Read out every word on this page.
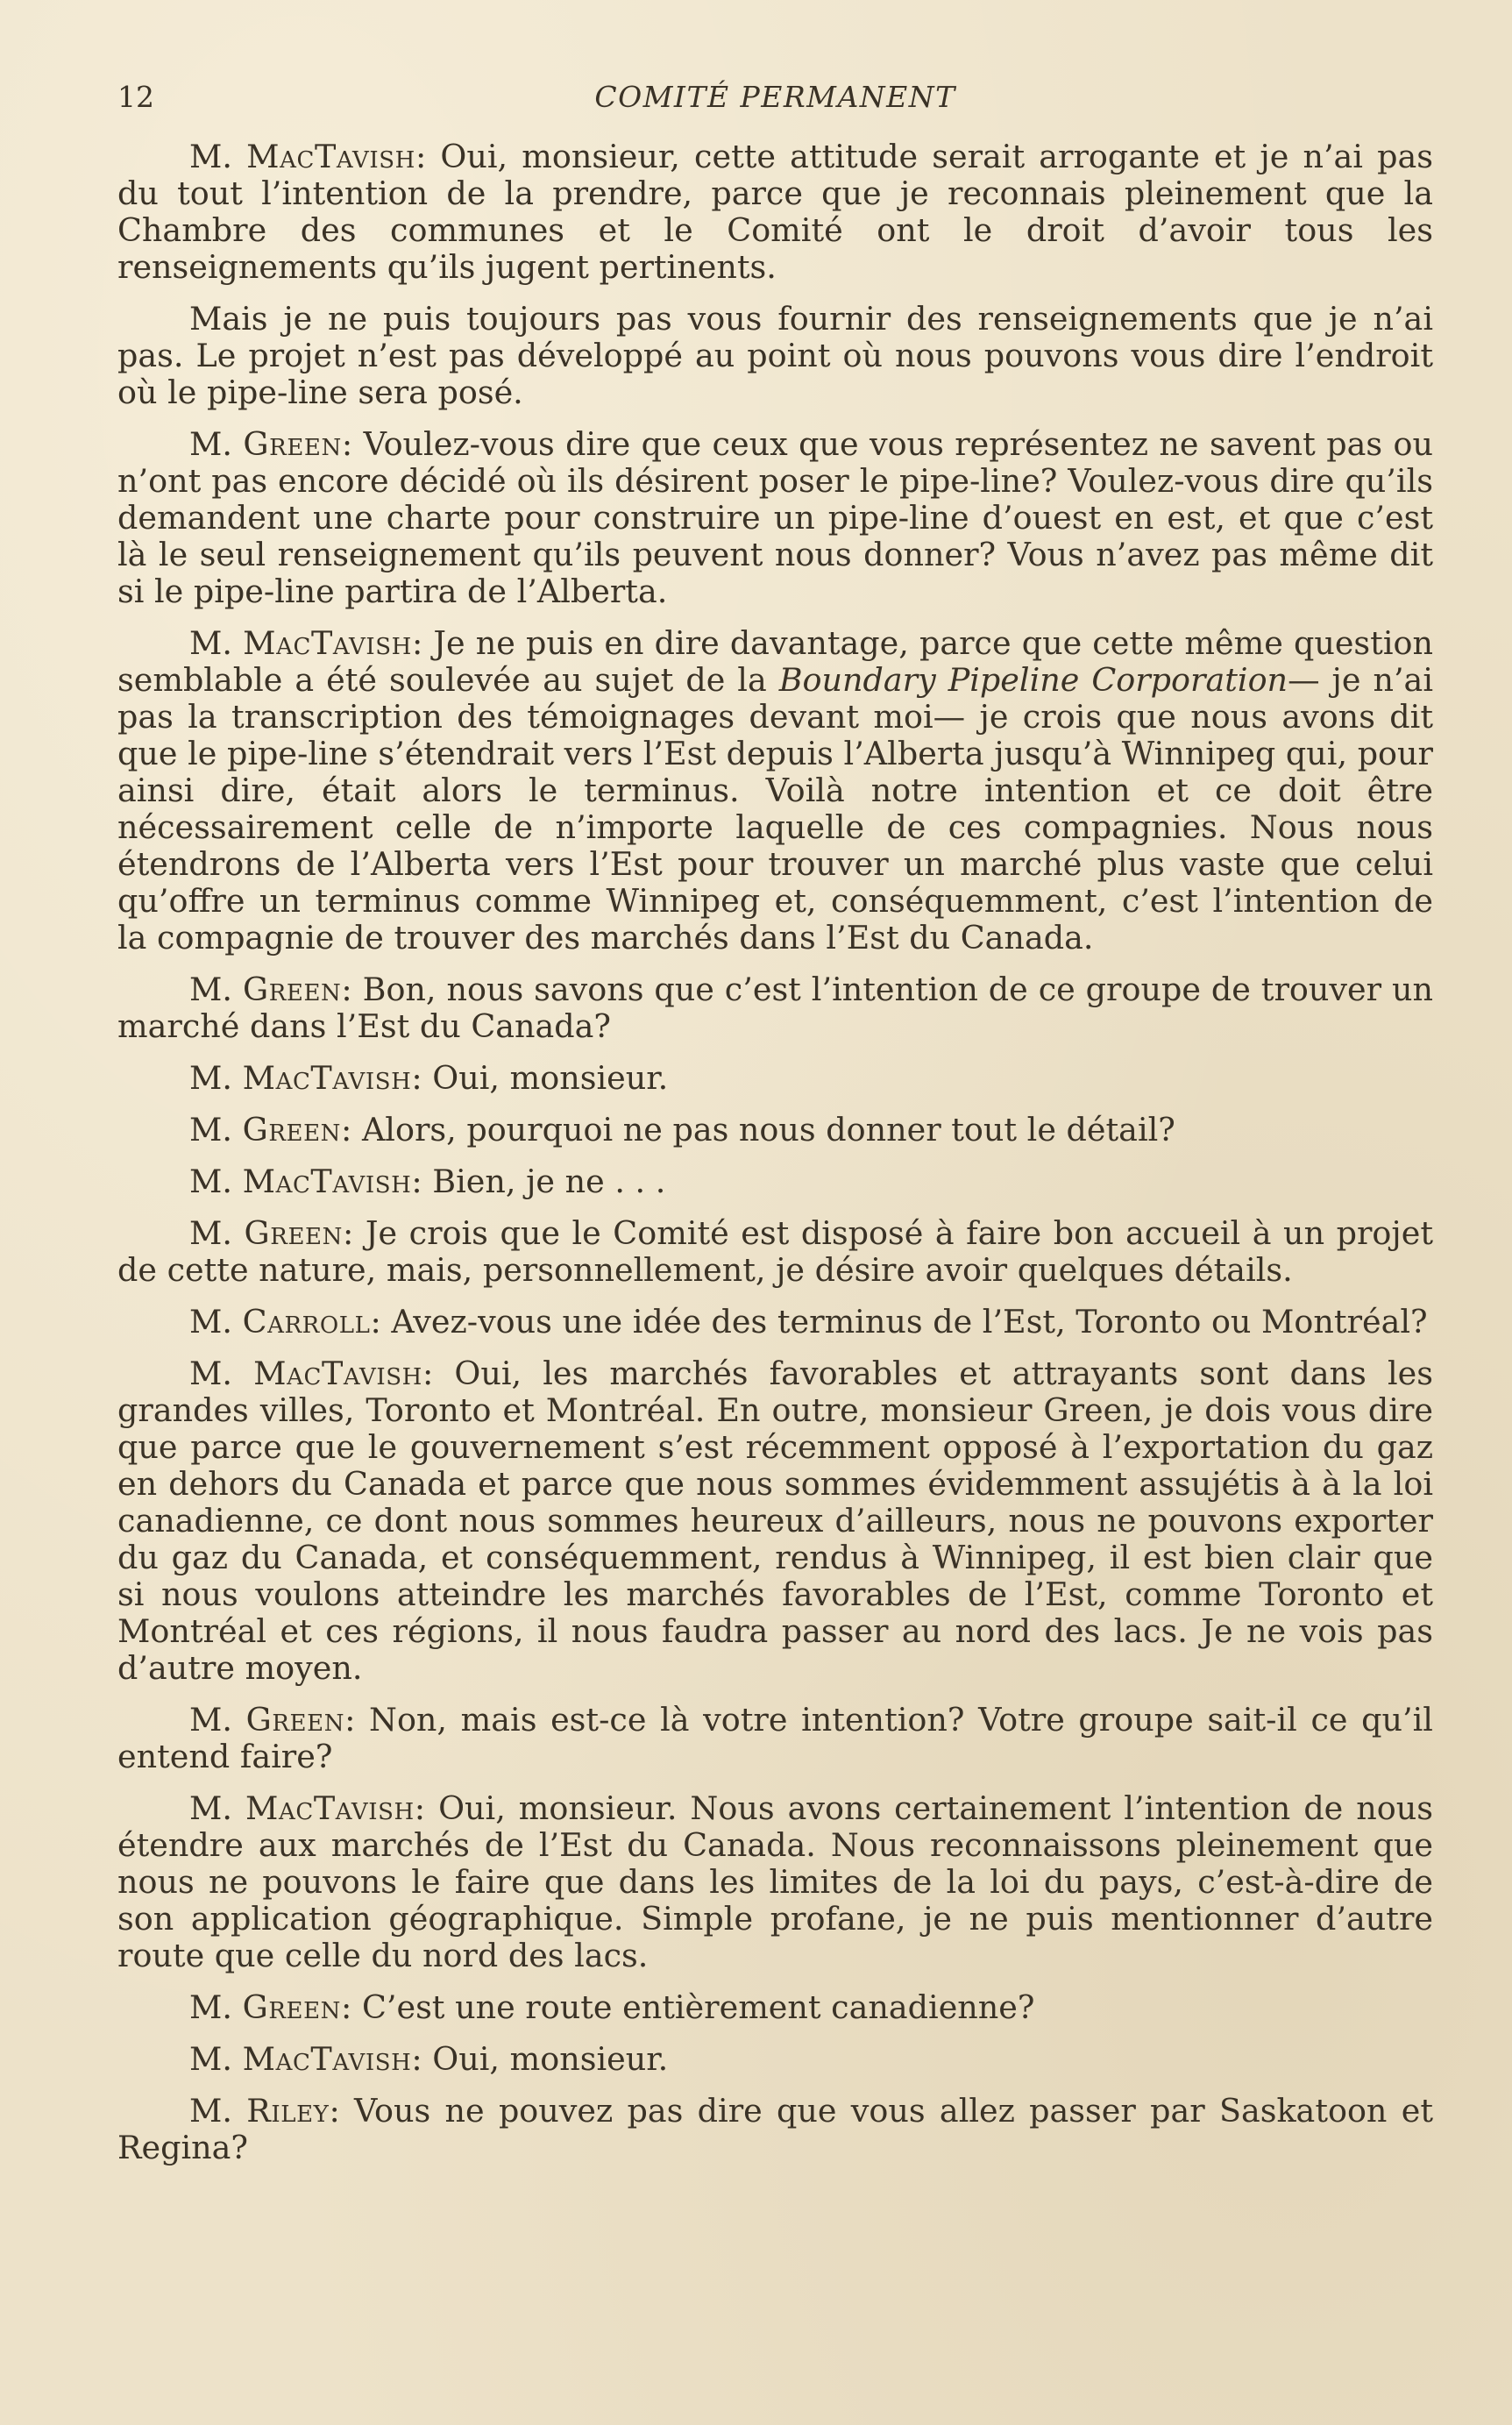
12	COMITÉ PERMANENT

M. MacTavish: Oui, monsieur, cette attitude serait arrogante et je n’ai pas du tout l’intention de la prendre, parce que je reconnais pleinement que la Chambre des communes et le Comité ont le droit d’avoir tous les renseignements qu’ils jugent pertinents.

Mais je ne puis toujours pas vous fournir des renseignements que je n’ai pas. Le projet n’est pas développé au point où nous pouvons vous dire l’endroit où le pipe-line sera posé.

M. Green: Voulez-vous dire que ceux que vous représentez ne savent pas ou n’ont pas encore décidé où ils désirent poser le pipe-line? Voulez-vous dire qu’ils demandent une charte pour construire un pipe-line d’ouest en est, et que c’est là le seul renseignement qu’ils peuvent nous donner? Vous n’avez pas même dit si le pipe-line partira de l’Alberta.

M. MacTavish: Je ne puis en dire davantage, parce que cette même question semblable a été soulevée au sujet de la Boundary Pipeline Corporation— je n’ai pas la transcription des témoignages devant moi— je crois que nous avons dit que le pipe-line s’étendrait vers l’Est depuis l’Alberta jusqu’à Winnipeg qui, pour ainsi dire, était alors le terminus. Voilà notre intention et ce doit être nécessairement celle de n’importe laquelle de ces compagnies. Nous nous étendrons de l’Alberta vers l’Est pour trouver un marché plus vaste que celui qu’offre un terminus comme Winnipeg et, conséquemment, c’est l’intention de la compagnie de trouver des marchés dans l’Est du Canada.

M. Green: Bon, nous savons que c’est l’intention de ce groupe de trouver un marché dans l’Est du Canada?

M. MacTavish: Oui, monsieur.

M. Green: Alors, pourquoi ne pas nous donner tout le détail?

M. MacTavish: Bien, je ne . . .

M. Green: Je crois que le Comité est disposé à faire bon accueil à un projet de cette nature, mais, personnellement, je désire avoir quelques détails.

M. Carroll: Avez-vous une idée des terminus de l’Est, Toronto ou Montréal?

M. MacTavish: Oui, les marchés favorables et attrayants sont dans les grandes villes, Toronto et Montréal. En outre, monsieur Green, je dois vous dire que parce que le gouvernement s’est récemment opposé à l’exportation du gaz en dehors du Canada et parce que nous sommes évidemment assujétis à à la loi canadienne, ce dont nous sommes heureux d’ailleurs, nous ne pouvons exporter du gaz du Canada, et conséquemment, rendus à Winnipeg, il est bien clair que si nous voulons atteindre les marchés favorables de l’Est, comme Toronto et Montréal et ces régions, il nous faudra passer au nord des lacs. Je ne vois pas d’autre moyen.

M. Green: Non, mais est-ce là votre intention? Votre groupe sait-il ce qu’il entend faire?

M. MacTavish: Oui, monsieur. Nous avons certainement l’intention de nous étendre aux marchés de l’Est du Canada. Nous reconnaissons pleinement que nous ne pouvons le faire que dans les limites de la loi du pays, c’est-à-dire de son application géographique. Simple profane, je ne puis mentionner d’autre route que celle du nord des lacs.

M. Green: C’est une route entièrement canadienne?

M. MacTavish: Oui, monsieur.

M. Riley: Vous ne pouvez pas dire que vous allez passer par Saskatoon et Regina?
